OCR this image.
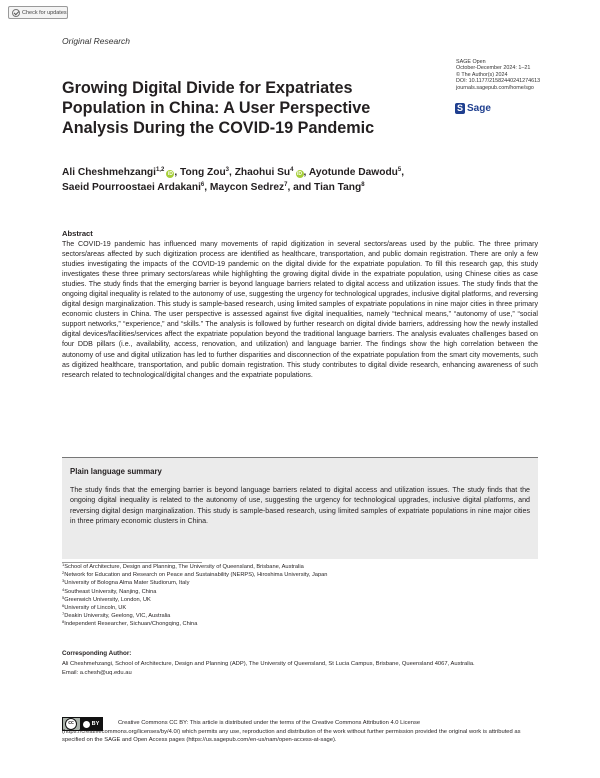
Check for updates
Original Research
Growing Digital Divide for Expatriates Population in China: A User Perspective Analysis During the COVID-19 Pandemic
SAGE Open
October-December 2024: 1–21
© The Author(s) 2024
DOI: 10.1177/21582440241274613
journals.sagepub.com/home/sgo
S Sage
Ali Cheshmehzangi$^{1,2}$ iD , Tong Zou$^3$, Zhaohui Su$^4$ iD , Ayotunde Dawodu$^5$,
Saeid Pourroostaei Ardakani$^6$, Maycon Sedrez$^7$, and Tian Tang$^8$
Abstract

The COVID-19 pandemic has influenced many movements of rapid digitization in several sectors/areas used by the public. The three primary sectors/areas affected by such digitization process are identified as healthcare, transportation, and public domain registration. There are only a few studies investigating the impacts of the COVID-19 pandemic on the digital divide for the expatriate population. To fill this research gap, this study investigates these three primary sectors/areas while highlighting the growing digital divide in the expatriate population, using Chinese cities as case studies. The study finds that the emerging barrier is beyond language barriers related to digital access and utilization issues. The study finds that the ongoing digital inequality is related to the autonomy of use, suggesting the urgency for technological upgrades, inclusive digital platforms, and reversing digital design marginalization. This study is sample-based research, using limited samples of expatriate populations in nine major cities in three primary economic clusters in China. The user perspective is assessed against five digital inequalities, namely “technical means,” “autonomy of use,” “social support networks,” “experience,” and “skills.” The analysis is followed by further research on digital divide barriers, addressing how the newly installed digital devices/facilities/services affect the expatriate population beyond the traditional language barriers. The analysis evaluates challenges based on four DDB pillars (i.e., availability, access, renovation, and utilization) and language barrier. The findings show the high correlation between the autonomy of use and digital utilization has led to further disparities and disconnection of the expatriate population from the smart city movements, such as digitized healthcare, transportation, and public domain registration. This study contributes to digital divide research, enhancing awareness of such research related to technological/digital changes and the expatriate populations.

Plain language summary

The study finds that the emerging barrier is beyond language barriers related to digital access and utilization issues. The study finds that the ongoing digital inequality is related to the autonomy of use, suggesting the urgency for technological upgrades, inclusive digital platforms, and reversing digital design marginalization. This study is sample-based research, using limited samples of expatriate populations in nine major cities in three primary economic clusters in China.

$^1$School of Architecture, Design and Planning, The University of Queensland, Brisbane, Australia
$^2$Network for Education and Research on Peace and Sustainability (NERPS), Hiroshima University, Japan
$^3$University of Bologna Alma Mater Studiorum, Italy
$^4$Southeast University, Nanjing, China
$^5$Greenwich University, London, UK
$^6$University of Lincoln, UK
$^7$Deakin University, Geelong, VIC, Australia
$^8$Independent Researcher, Sichuan/Chongqing, China
Corresponding Author:
Ali Cheshmehzangi, School of Architecture, Design and Planning (ADP), The University of Queensland, St Lucia Campus, Brisbane, Queensland 4067, Australia.
Email: a.chesh@uq.edu.au
cc	BY	Creative Commons CC BY: This article is distributed under the terms of the Creative Commons Attribution 4.0 License (https://creativecommons.org/licenses/by/4.0/) which permits any use, reproduction and distribution of the work without further permission provided the original work is attributed as specified on the SAGE and Open Access pages (https://us.sagepub.com/en-us/nam/open-access-at-sage).
